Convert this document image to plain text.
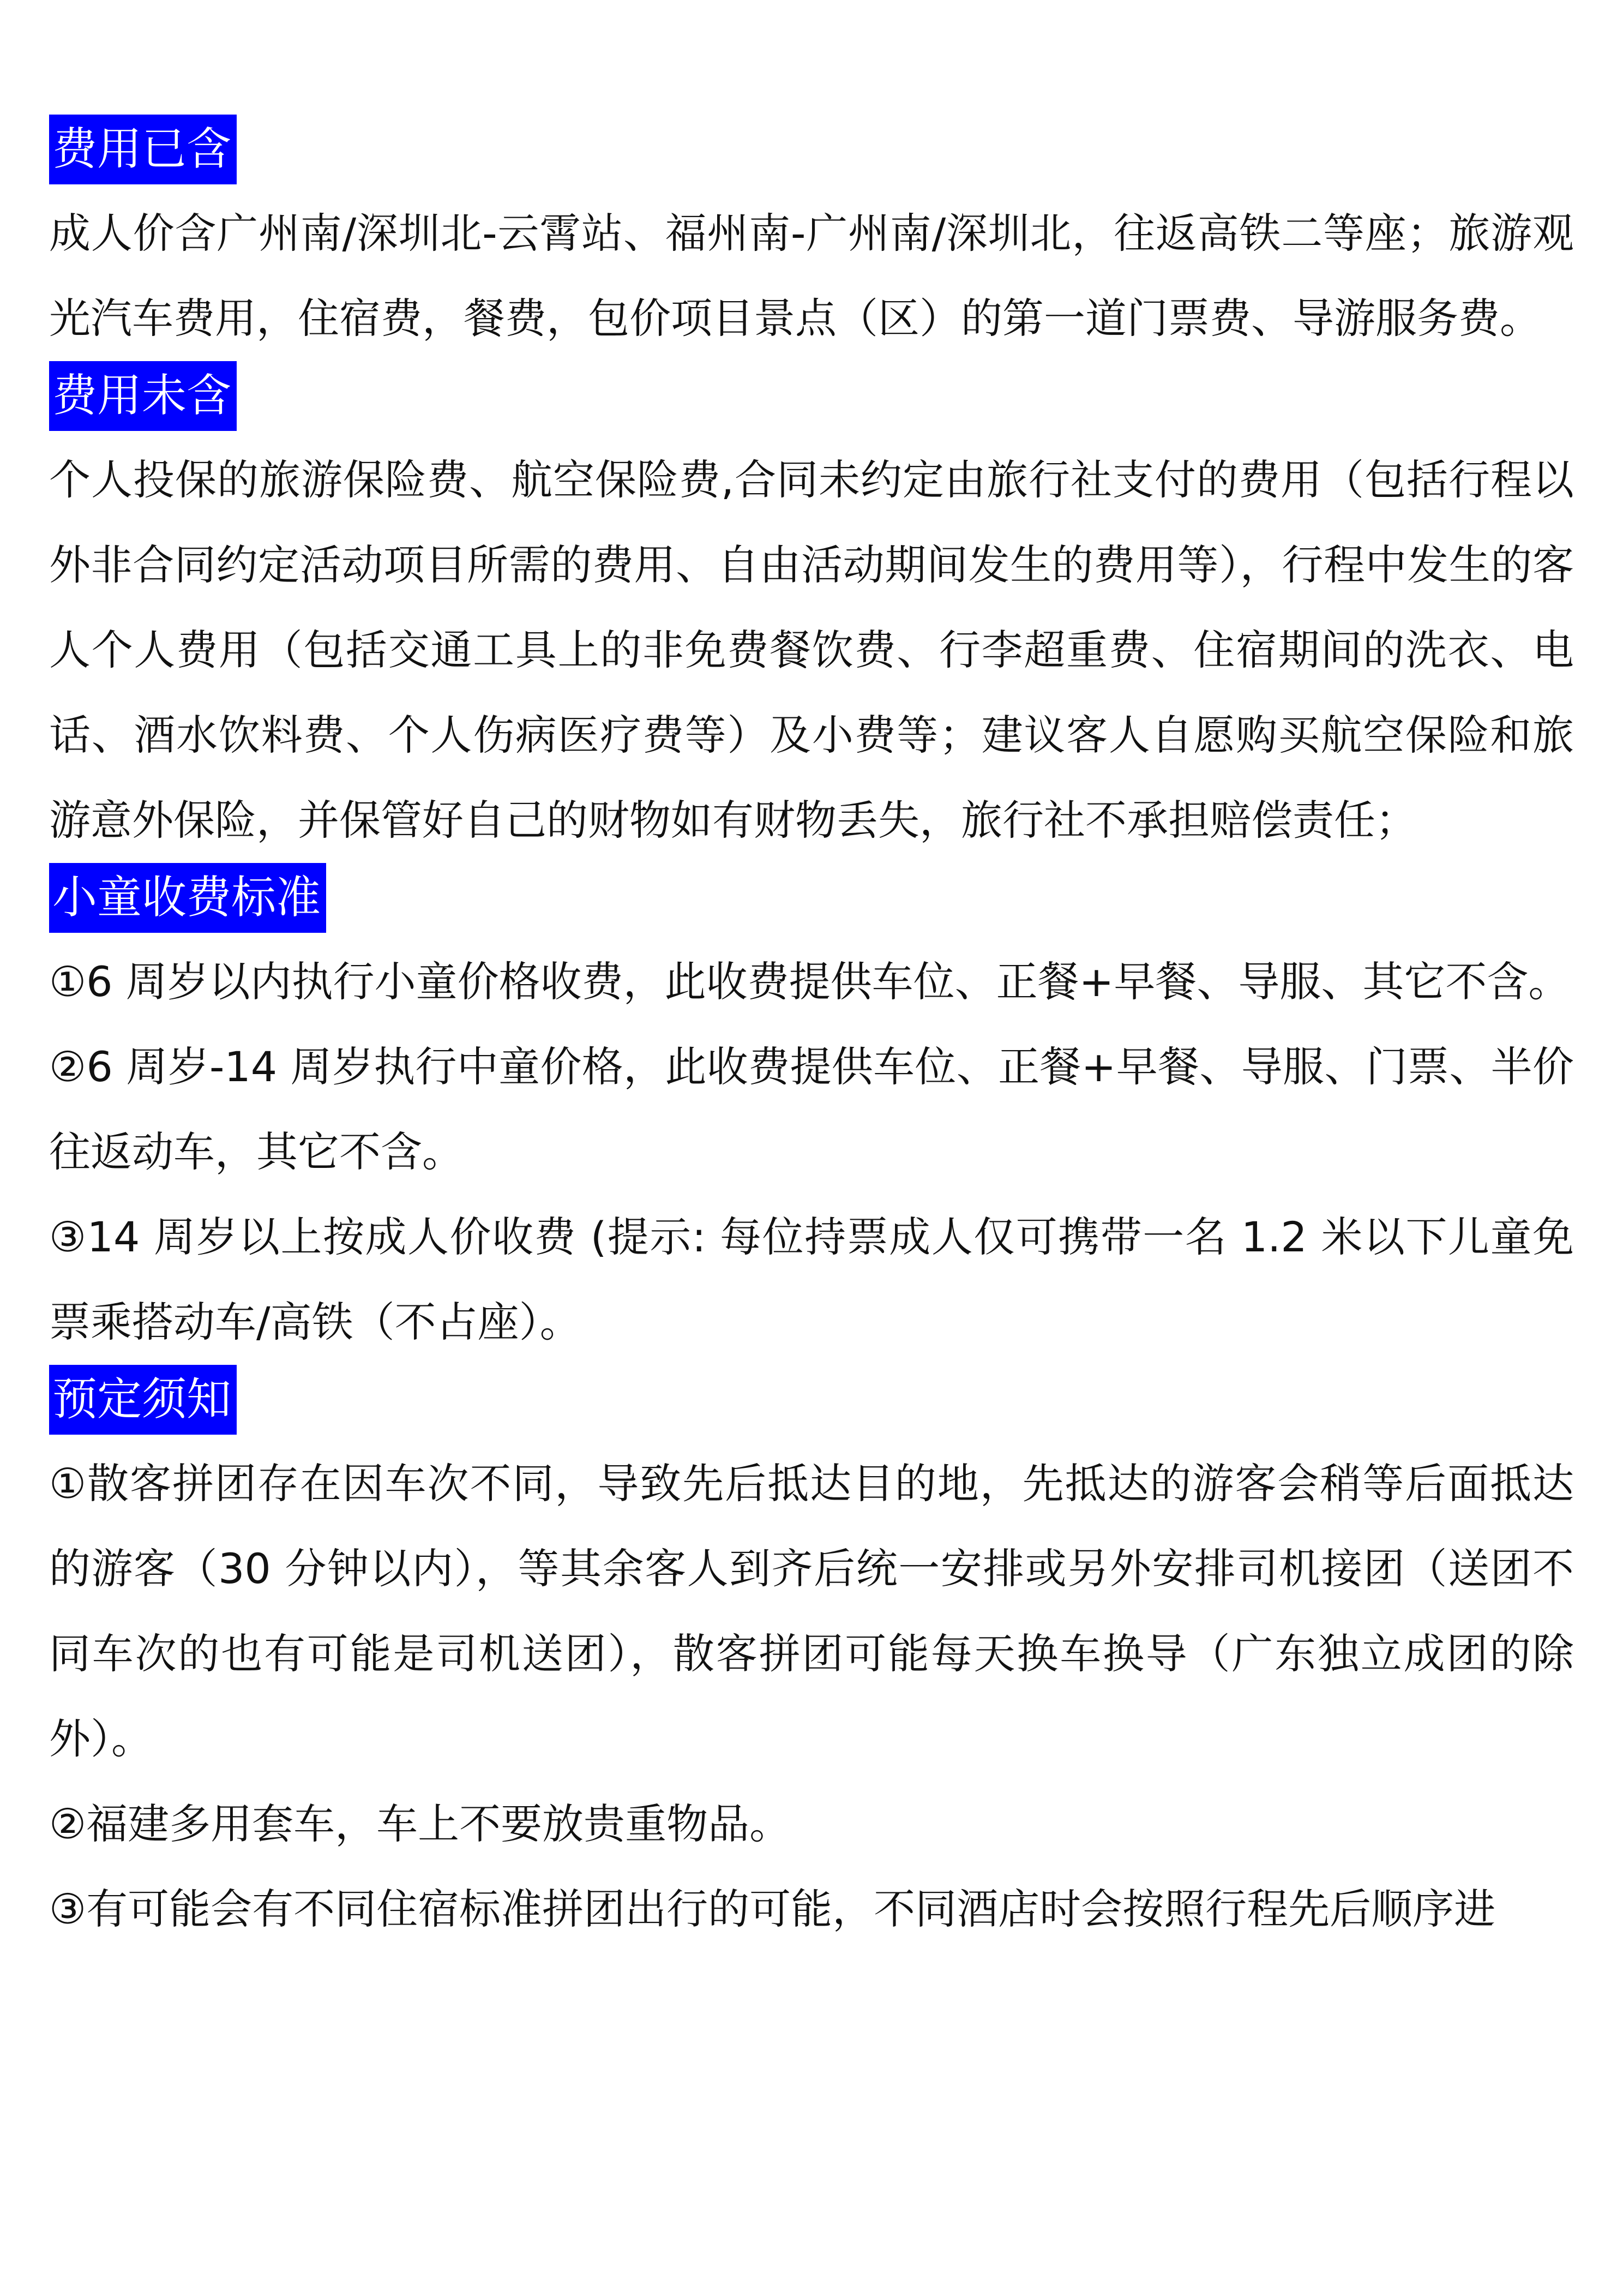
费用已含

成人价含广州南/深圳北-云霄站、福州南-广州南/深圳北，往返高铁二等座；旅游观光汽车费用，住宿费，餐费，包价项目景点（区）的第一道门票费、导游服务费。

费用未含

个人投保的旅游保险费、航空保险费,合同未约定由旅行社支付的费用（包括行程以外非合同约定活动项目所需的费用、自由活动期间发生的费用等），行程中发生的客人个人费用（包括交通工具上的非免费餐饮费、行李超重费、住宿期间的洗衣、电话、酒水饮料费、个人伤病医疗费等）及小费等；建议客人自愿购买航空保险和旅游意外保险，并保管好自己的财物如有财物丢失，旅行社不承担赔偿责任；

小童收费标准

①6 周岁以内执行小童价格收费，此收费提供车位、正餐+早餐、导服、其它不含。

②6 周岁-14 周岁执行中童价格，此收费提供车位、正餐+早餐、导服、门票、半价往返动车，其它不含。

③14 周岁以上按成人价收费 (提示: 每位持票成人仅可携带一名 1.2 米以下儿童免票乘搭动车/高铁（不占座）。

预定须知

①散客拼团存在因车次不同，导致先后抵达目的地，先抵达的游客会稍等后面抵达的游客（30 分钟以内），等其余客人到齐后统一安排或另外安排司机接团（送团不同车次的也有可能是司机送团），散客拼团可能每天换车换导（广东独立成团的除外）。

②福建多用套车，车上不要放贵重物品。

③有可能会有不同住宿标准拼团出行的可能，不同酒店时会按照行程先后顺序进
